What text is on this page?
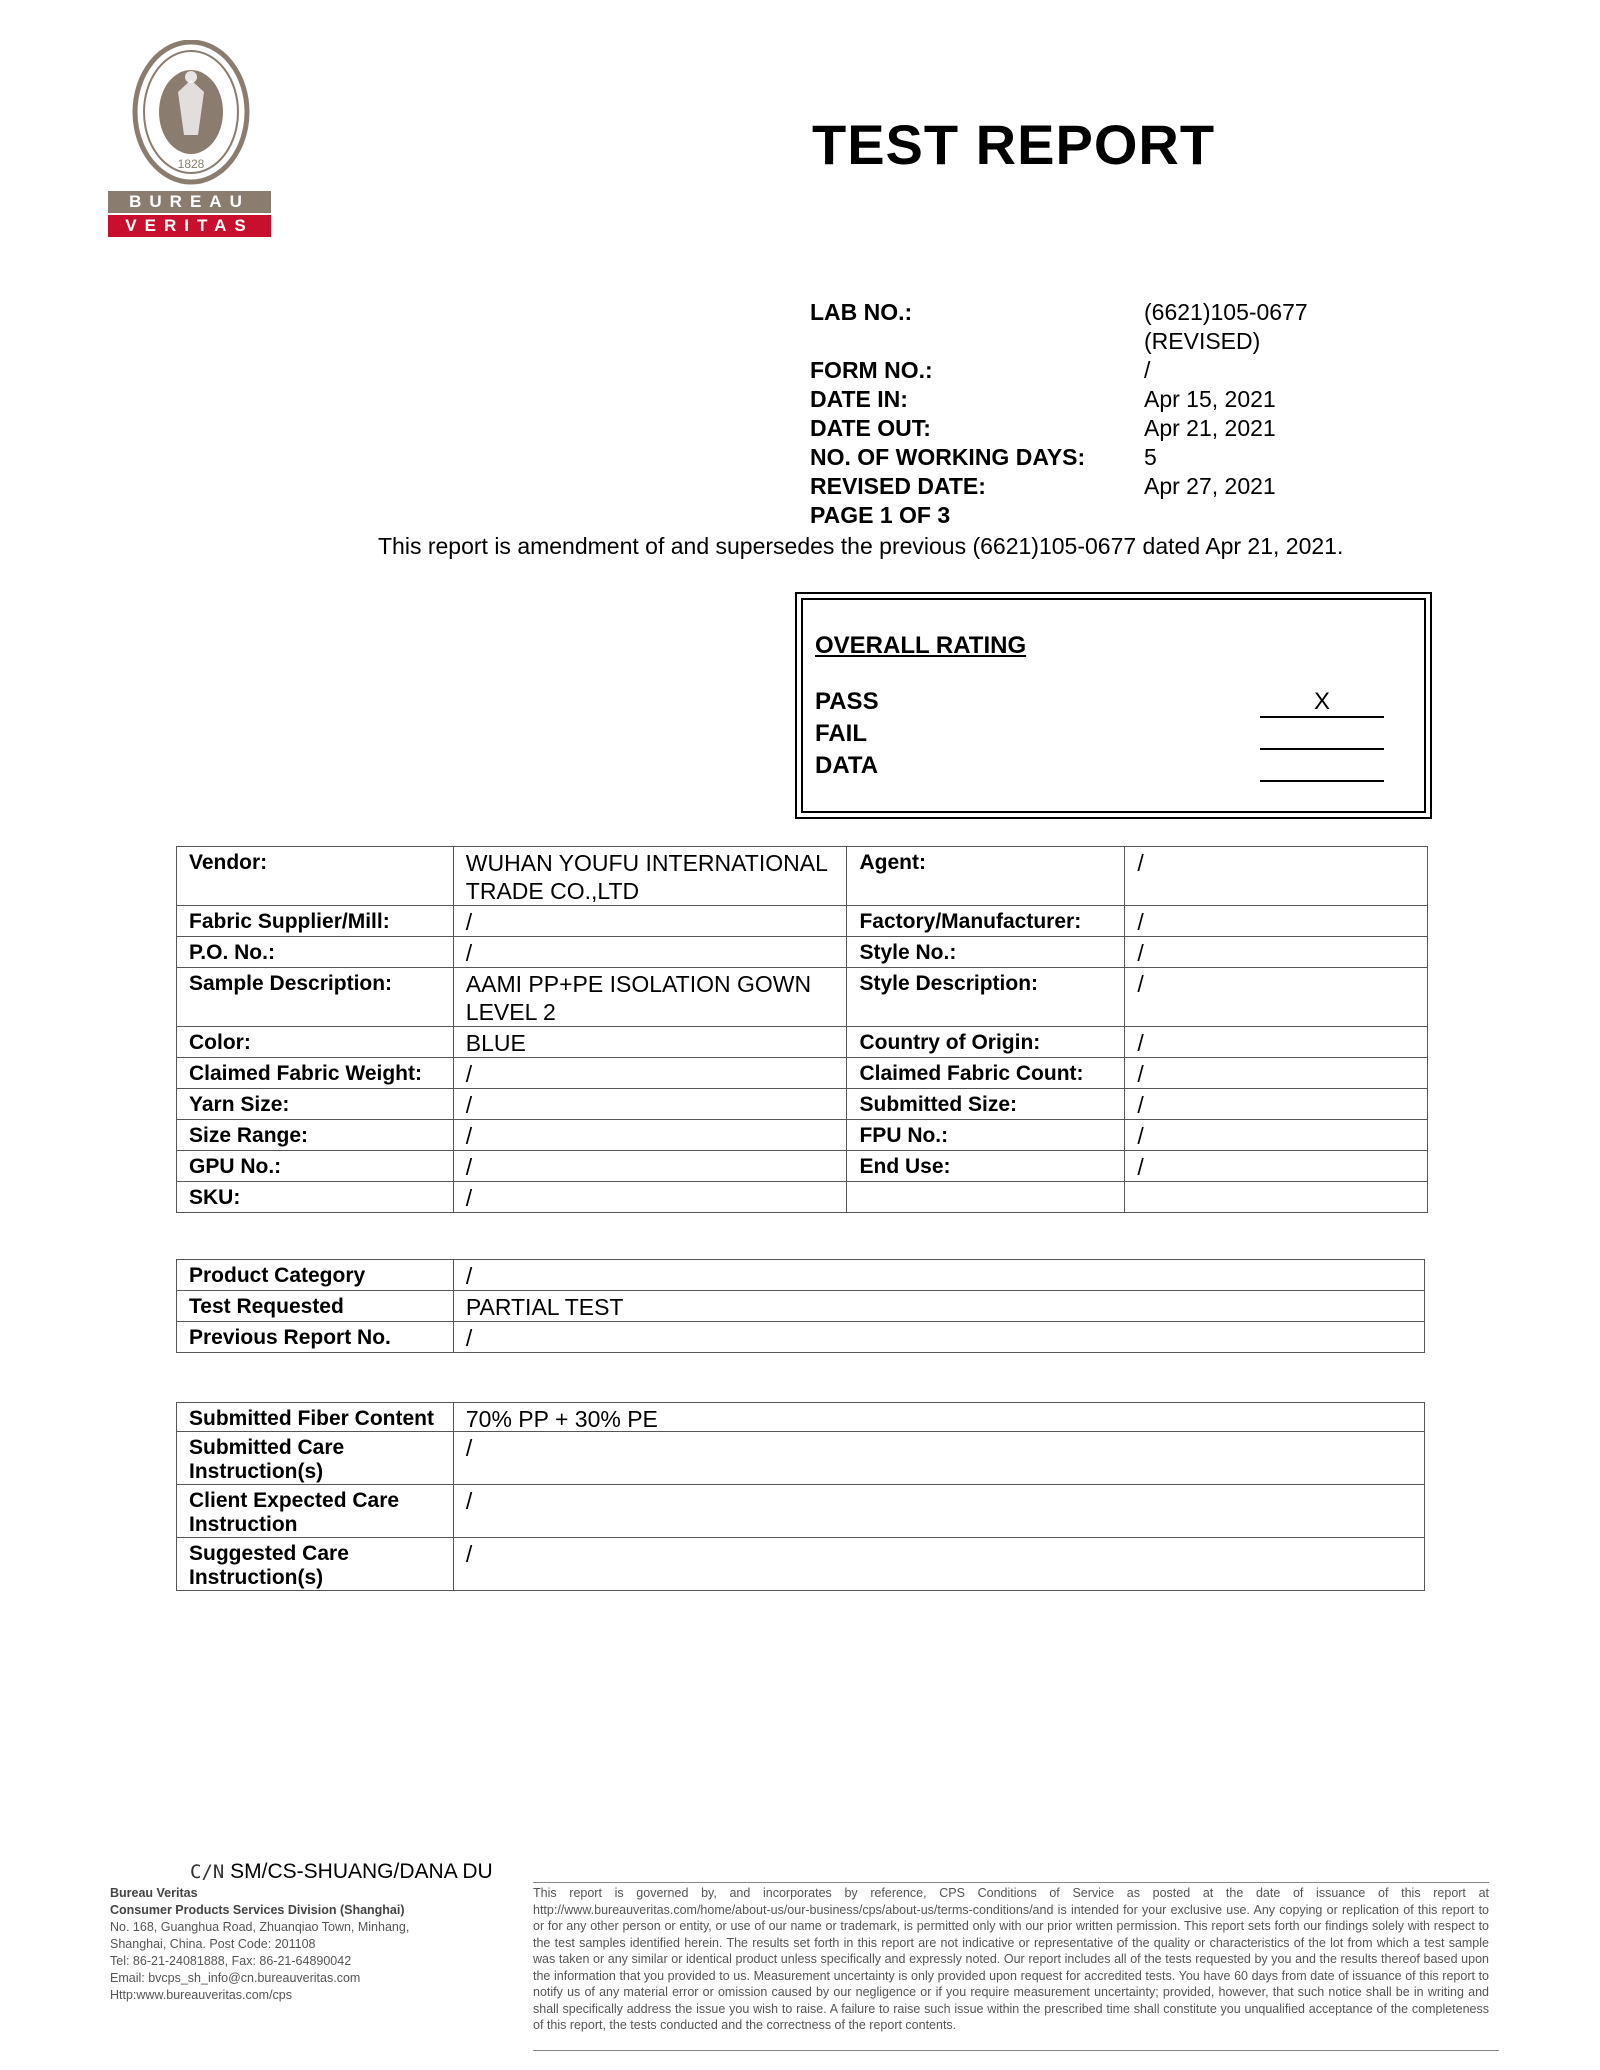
1828
BUREAU
VERITAS
TEST REPORT
LAB NO.:	(6621)105-0677
(REVISED)
FORM NO.:	/
DATE IN:	Apr 15, 2021
DATE OUT:	Apr 21, 2021
NO. OF WORKING DAYS:	5
REVISED DATE:	Apr 27, 2021
PAGE 1 OF 3
This report is amendment of and supersedes the previous (6621)105-0677 dated Apr 21, 2021.
OVERALL RATING
PASS	X
FAIL
DATA
Vendor:	WUHAN YOUFU INTERNATIONAL TRADE CO.,LTD	Agent:	/
Fabric Supplier/Mill:	/	Factory/Manufacturer:	/
P.O. No.:	/	Style No.:	/
Sample Description:	AAMI PP+PE ISOLATION GOWN LEVEL 2	Style Description:	/
Color:	BLUE	Country of Origin:	/
Claimed Fabric Weight:	/	Claimed Fabric Count:	/
Yarn Size:	/	Submitted Size:	/
Size Range:	/	FPU No.:	/
GPU No.:	/	End Use:	/
SKU:	/		
Product Category	/
Test Requested	PARTIAL TEST
Previous Report No.	/
Submitted Fiber Content	70% PP + 30% PE
Submitted Care Instruction(s)	/
Client Expected Care Instruction	/
Suggested Care Instruction(s)	/
C/N SM/CS-SHUANG/DANA DU
Bureau Veritas
Consumer Products Services Division (Shanghai)
No. 168, Guanghua Road, Zhuanqiao Town, Minhang,
Shanghai, China. Post Code: 201108
Tel: 86-21-24081888, Fax: 86-21-64890042
Email: bvcps_sh_info@cn.bureauveritas.com
Http:www.bureauveritas.com/cps
This report is governed by, and incorporates by reference, CPS Conditions of Service as posted at the date of issuance of this report at http://www.bureauveritas.com/home/about-us/our-business/cps/about-us/terms-conditions/and is intended for your exclusive use. Any copying or replication of this report to or for any other person or entity, or use of our name or trademark, is permitted only with our prior written permission. This report sets forth our findings solely with respect to the test samples identified herein. The results set forth in this report are not indicative or representative of the quality or characteristics of the lot from which a test sample was taken or any similar or identical product unless specifically and expressly noted. Our report includes all of the tests requested by you and the results thereof based upon the information that you provided to us. Measurement uncertainty is only provided upon request for accredited tests. You have 60 days from date of issuance of this report to notify us of any material error or omission caused by our negligence or if you require measurement uncertainty; provided, however, that such notice shall be in writing and shall specifically address the issue you wish to raise. A failure to raise such issue within the prescribed time shall constitute you unqualified acceptance of the completeness of this report, the tests conducted and the correctness of the report contents.
